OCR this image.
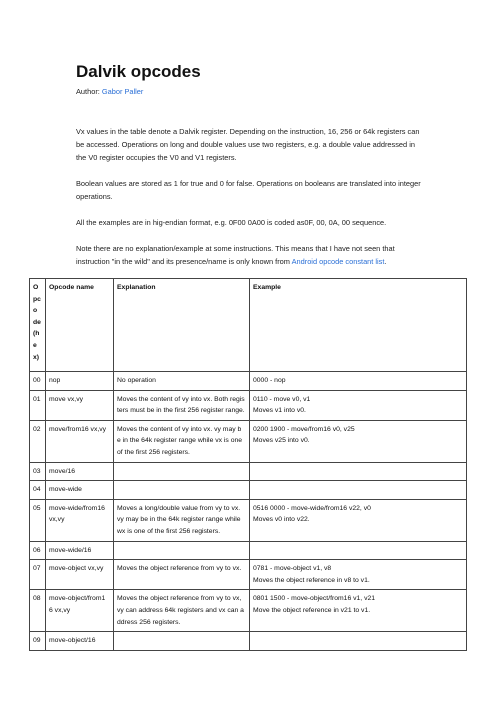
Dalvik opcodes
Author: Gabor Paller
Vx values in the table denote a Dalvik register. Depending on the instruction, 16, 256 or 64k registers can be accessed. Operations on long and double values use two registers, e.g. a double value addressed in the V0 register occupies the V0 and V1 registers.
Boolean values are stored as 1 for true and 0 for false. Operations on booleans are translated into integer operations.
All the examples are in hig-endian format, e.g. 0F00 0A00 is coded as0F, 00, 0A, 00 sequence.
Note there are no explanation/example at some instructions. This means that I have not seen that instruction "in the wild" and its presence/name is only known from Android opcode constant list.
Opcode (hex)	Opcode name	Explanation	Example
00	nop	No operation	0000 - nop
01	move vx,vy	Moves the content of vy into vx. Both registers must be in the first 256 register range.	0110 - move v0, v1
Moves v1 into v0.
02	move/from16 vx,vy	Moves the content of vy into vx. vy may be in the 64k register range while vx is one of the first 256 registers.	0200 1900 - move/from16 v0, v25
Moves v25 into v0.
03	move/16		
04	move-wide		
05	move-wide/from16 vx,vy	Moves a long/double value from vy to vx. vy may be in the 64k register range while wx is one of the first 256 registers.	0516 0000 - move-wide/from16 v22, v0
Moves v0 into v22.
06	move-wide/16		
07	move-object vx,vy	Moves the object reference from vy to vx.	0781 - move-object v1, v8
Moves the object reference in v8 to v1.
08	move-object/from16 vx,vy	Moves the object reference from vy to vx, vy can address 64k registers and vx can address 256 registers.	0801 1500 - move-object/from16 v1, v21
Move the object reference in v21 to v1.
09	move-object/16		
